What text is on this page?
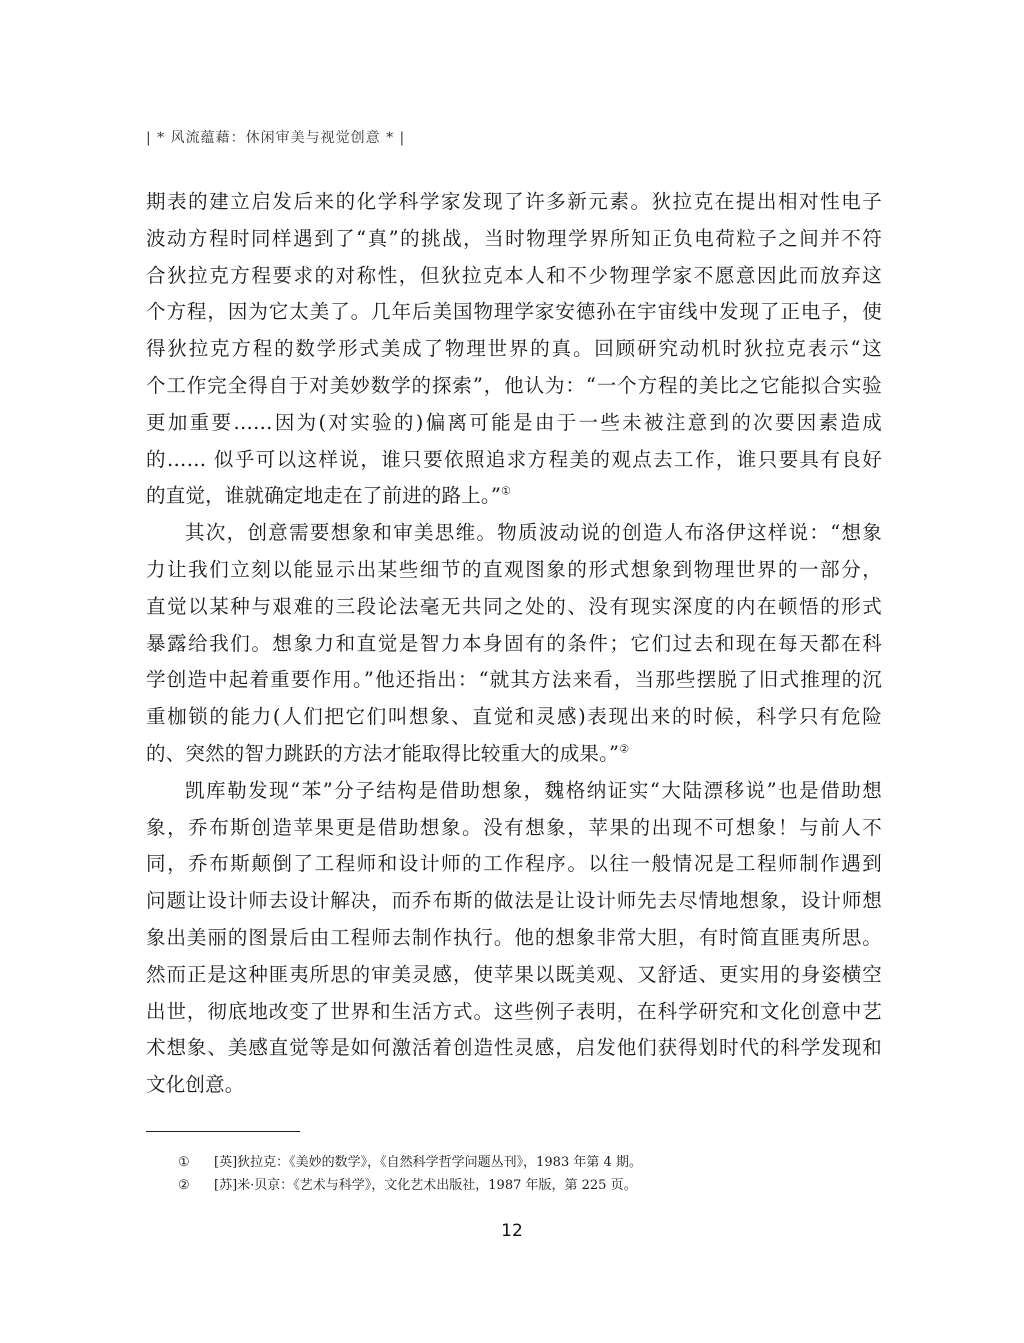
| * 风流蕴藉：休闲审美与视觉创意 * |
期表的建立启发后来的化学科学家发现了许多新元素。狄拉克在提出相对性电子
波动方程时同样遇到了“真”的挑战，当时物理学界所知正负电荷粒子之间并不符
合狄拉克方程要求的对称性，但狄拉克本人和不少物理学家不愿意因此而放弃这
个方程，因为它太美了。几年后美国物理学家安德孙在宇宙线中发现了正电子，使
得狄拉克方程的数学形式美成了物理世界的真。回顾研究动机时狄拉克表示“这
个工作完全得自于对美妙数学的探索”，他认为：“一个方程的美比之它能拟合实验
更加重要……因为(对实验的)偏离可能是由于一些未被注意到的次要因素造成
的…… 似乎可以这样说，谁只要依照追求方程美的观点去工作，谁只要具有良好
的直觉，谁就确定地走在了前进的路上。”①
其次，创意需要想象和审美思维。物质波动说的创造人布洛伊这样说：“想象
力让我们立刻以能显示出某些细节的直观图象的形式想象到物理世界的一部分，
直觉以某种与艰难的三段论法毫无共同之处的、没有现实深度的内在顿悟的形式
暴露给我们。想象力和直觉是智力本身固有的条件；它们过去和现在每天都在科
学创造中起着重要作用。”他还指出：“就其方法来看，当那些摆脱了旧式推理的沉
重枷锁的能力(人们把它们叫想象、直觉和灵感)表现出来的时候，科学只有危险
的、突然的智力跳跃的方法才能取得比较重大的成果。”②
凯库勒发现“苯”分子结构是借助想象，魏格纳证实“大陆漂移说”也是借助想
象，乔布斯创造苹果更是借助想象。没有想象，苹果的出现不可想象！与前人不
同，乔布斯颠倒了工程师和设计师的工作程序。以往一般情况是工程师制作遇到
问题让设计师去设计解决，而乔布斯的做法是让设计师先去尽情地想象，设计师想
象出美丽的图景后由工程师去制作执行。他的想象非常大胆，有时简直匪夷所思。
然而正是这种匪夷所思的审美灵感，使苹果以既美观、又舒适、更实用的身姿横空
出世，彻底地改变了世界和生活方式。这些例子表明，在科学研究和文化创意中艺
术想象、美感直觉等是如何激活着创造性灵感，启发他们获得划时代的科学发现和
文化创意。
①	[英]狄拉克：《美妙的数学》，《自然科学哲学问题丛刊》，1983 年第 4 期。
②	[苏]米·贝京：《艺术与科学》，文化艺术出版社，1987 年版，第 225 页。
12
